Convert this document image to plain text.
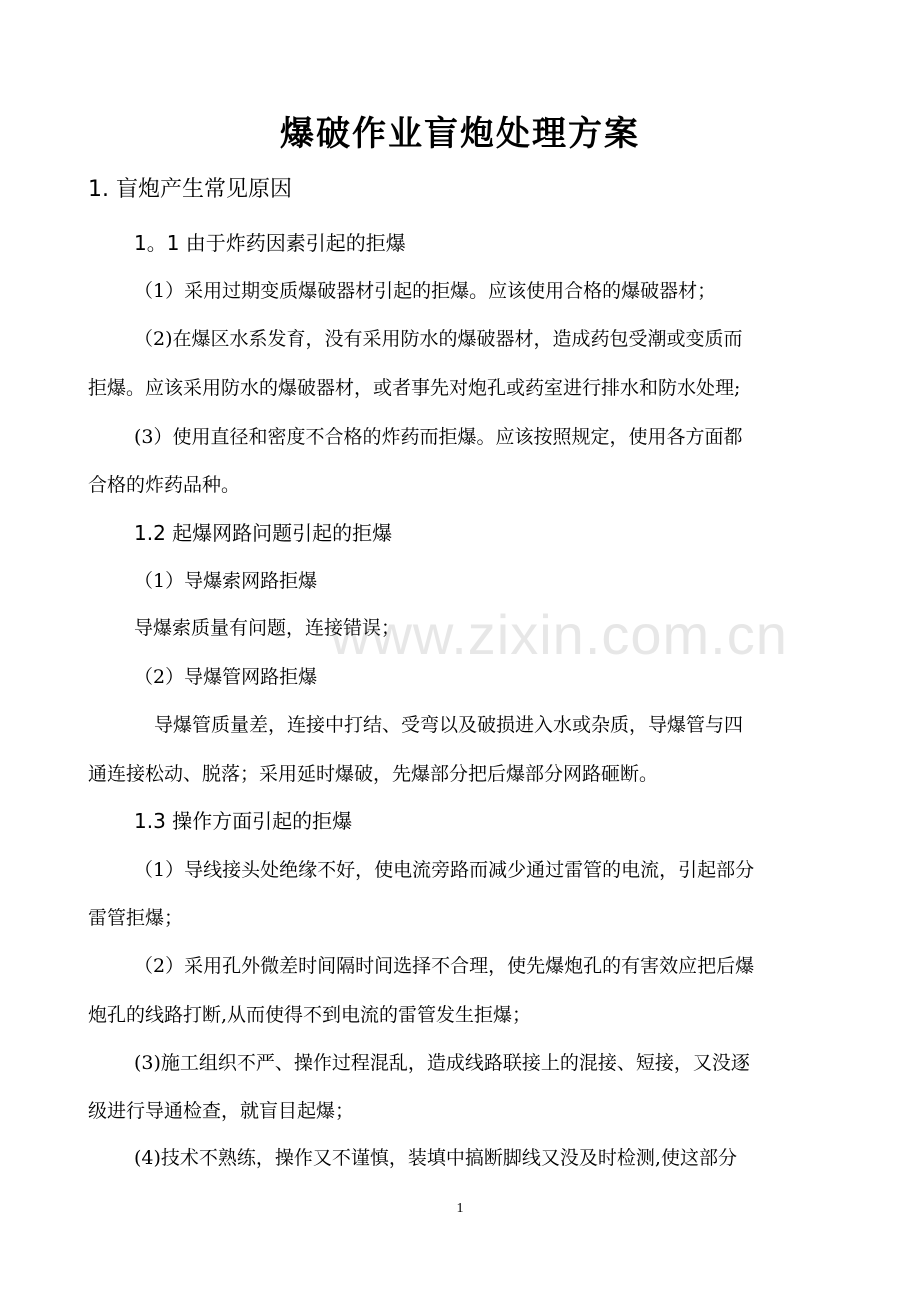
爆破作业盲炮处理方案
1. 盲炮产生常见原因
1。1 由于炸药因素引起的拒爆
（1）采用过期变质爆破器材引起的拒爆。应该使用合格的爆破器材；
（2)在爆区水系发育，没有采用防水的爆破器材，造成药包受潮或变质而
拒爆。应该采用防水的爆破器材，或者事先对炮孔或药室进行排水和防水处理;
(3）使用直径和密度不合格的炸药而拒爆。应该按照规定，使用各方面都
合格的炸药品种。
1.2 起爆网路问题引起的拒爆
（1）导爆索网路拒爆
导爆索质量有问题，连接错误；
（2）导爆管网路拒爆
导爆管质量差，连接中打结、受弯以及破损进入水或杂质，导爆管与四
通连接松动、脱落；采用延时爆破，先爆部分把后爆部分网路砸断。
1.3 操作方面引起的拒爆
（1）导线接头处绝缘不好，使电流旁路而减少通过雷管的电流，引起部分
雷管拒爆；
（2）采用孔外微差时间隔时间选择不合理，使先爆炮孔的有害效应把后爆
炮孔的线路打断,从而使得不到电流的雷管发生拒爆；
(3)施工组织不严、操作过程混乱，造成线路联接上的混接、短接，又没逐
级进行导通检查，就盲目起爆；
(4)技术不熟练，操作又不谨慎，装填中搞断脚线又没及时检测,使这部分
www.zixin.com.cn
1
